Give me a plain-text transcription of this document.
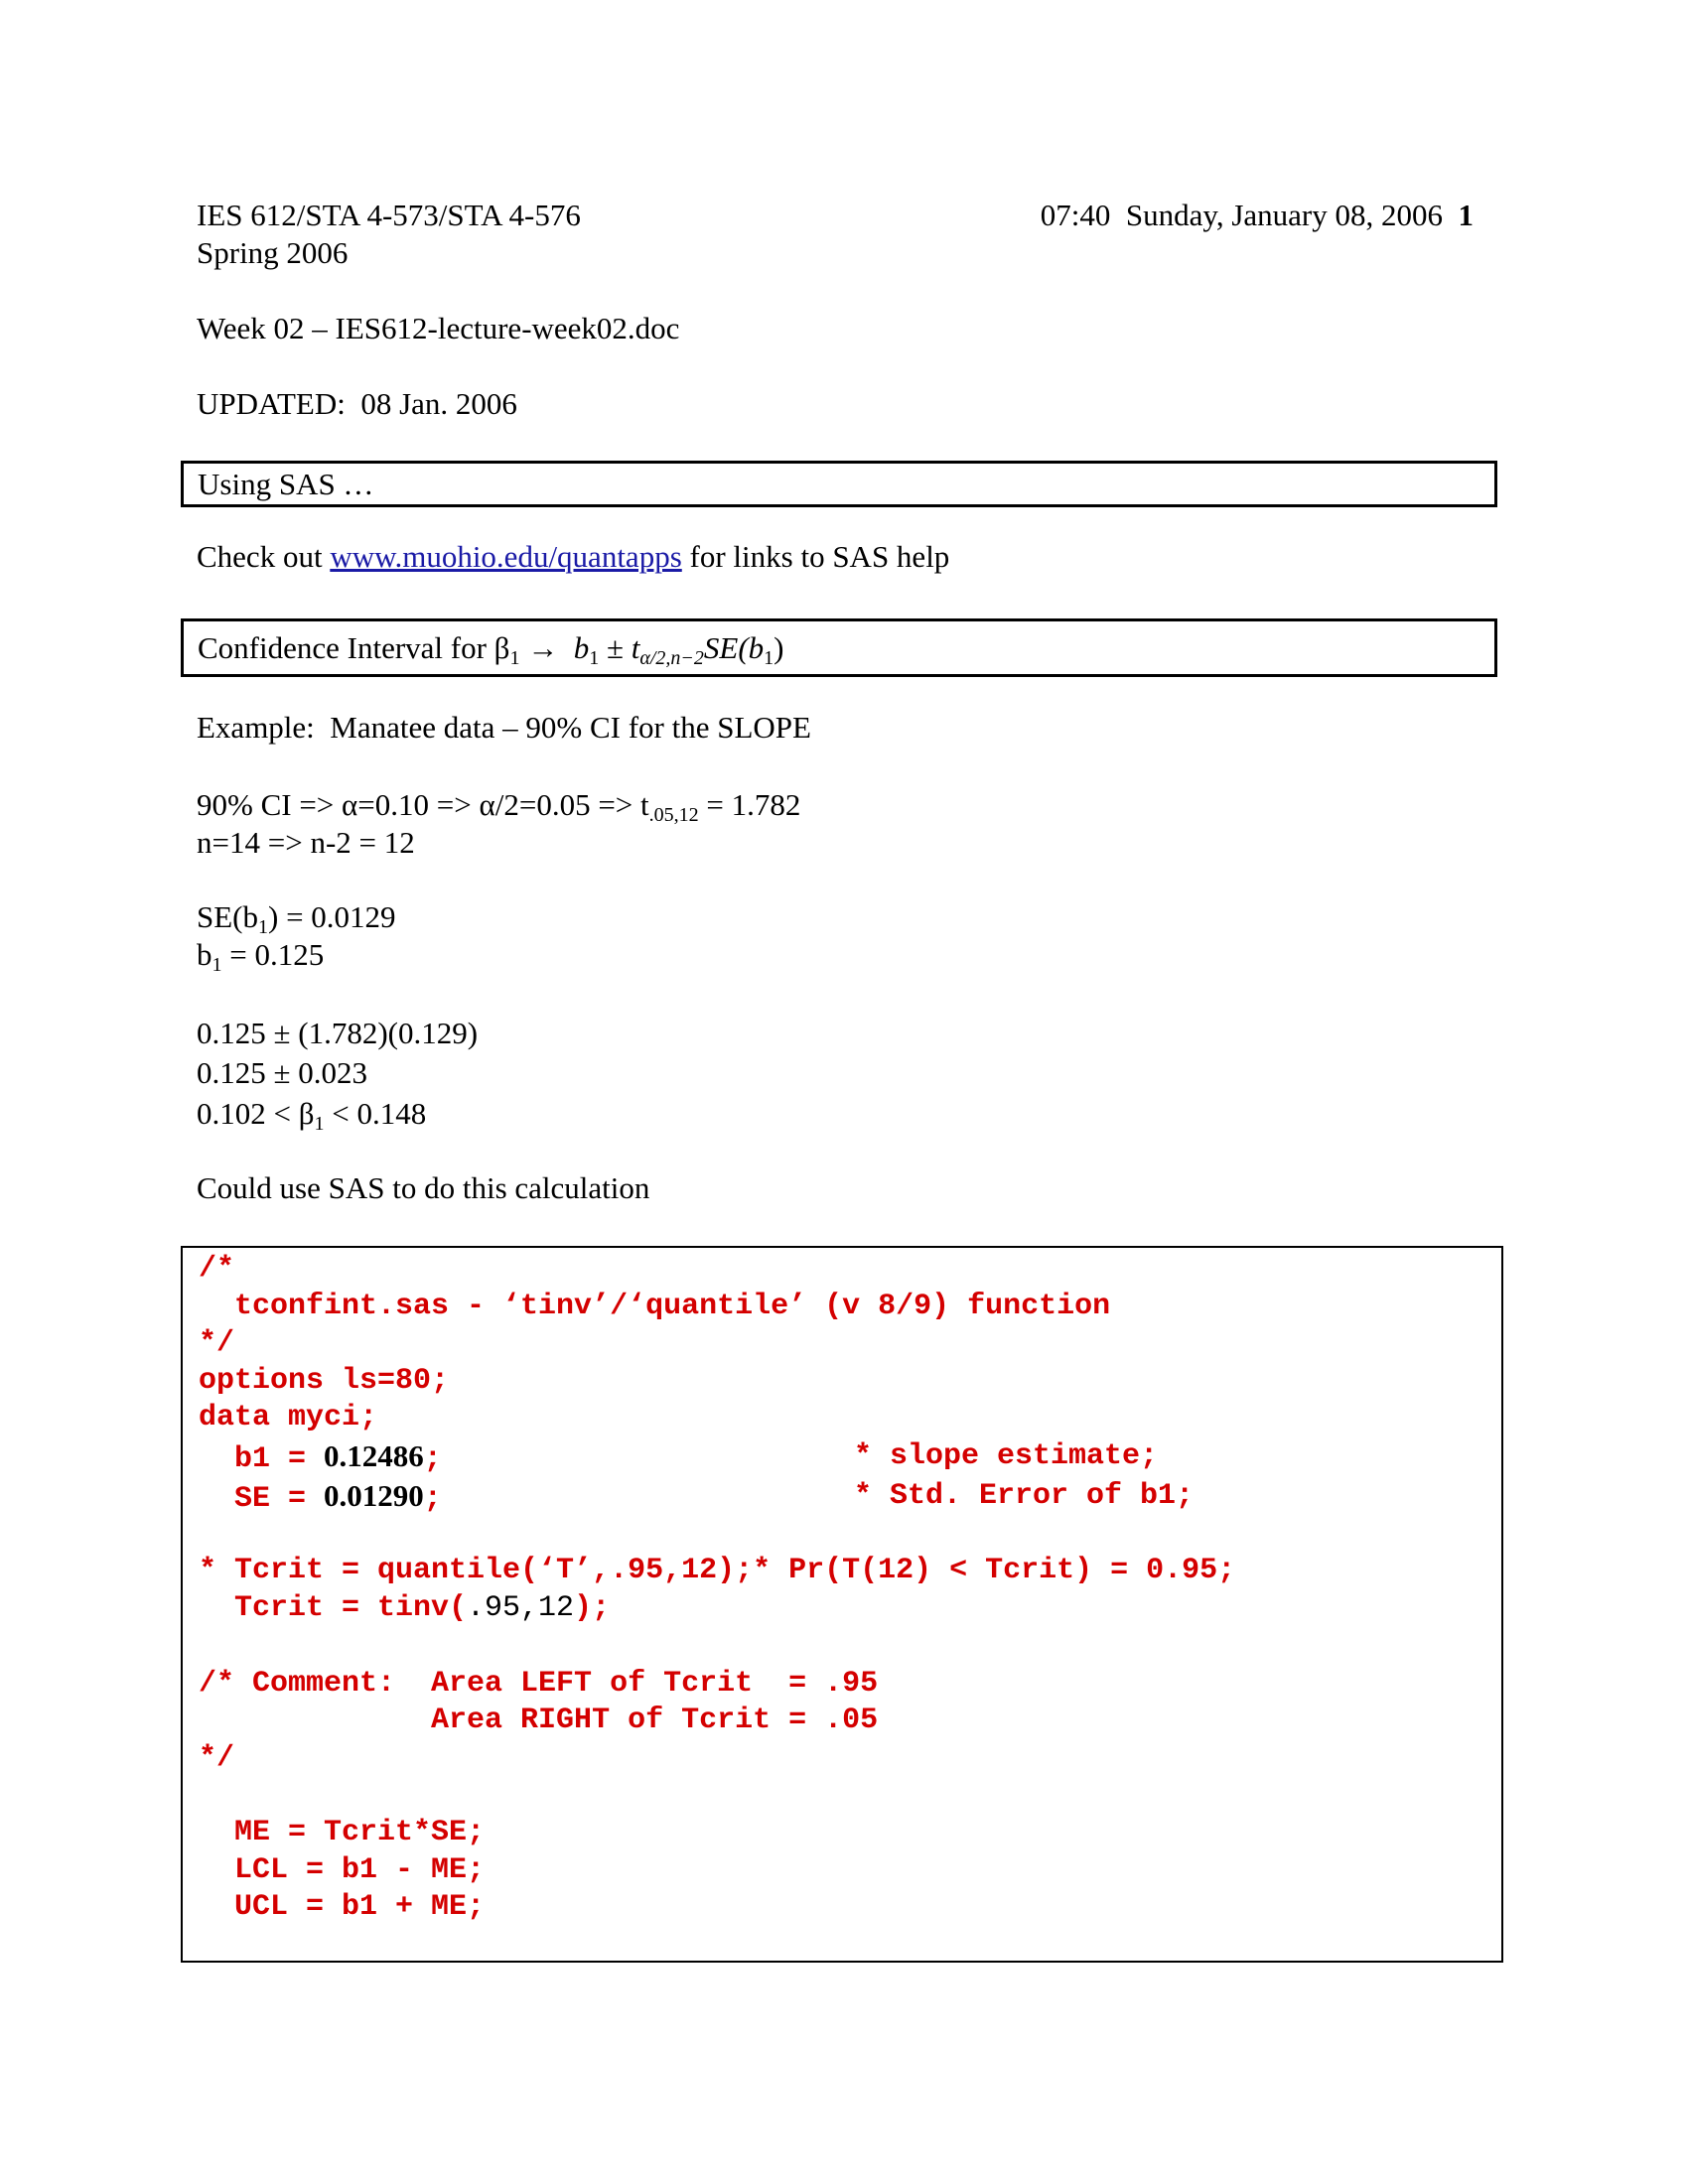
IES 612/STA 4-573/STA 4-576	07:40  Sunday, January 08, 2006 1
Spring 2006
Week 02 – IES612-lecture-week02.doc
UPDATED:  08 Jan. 2006
Using SAS …
Check out www.muohio.edu/quantapps for links to SAS help
Confidence Interval for $\beta_1 \to b_1 \pm t_{\alpha/2,n-2}SE(b_1)$
Example:  Manatee data – 90% CI for the SLOPE
90% CI => $\alpha=0.10 => \alpha/2=0.05 => t_{.05,12} = 1.782$
n=14 => n-2 = 12
$SE(b_1) = 0.0129$
$b_1 = 0.125$
0.125 ± (1.782)(0.129)
0.125 ± 0.023
$0.102 < \beta_1 < 0.148$
Could use SAS to do this calculation
/*
tconfint.sas - ‘tinv’/‘quantile’ (v 8/9) function
*/
options ls=80;
data myci;
b1 = 0.12486;	* slope estimate;
SE = 0.01290;	* Std. Error of b1;
* Tcrit = quantile(‘T’,.95,12);* Pr(T(12) < Tcrit) = 0.95;
Tcrit = tinv(.95,12);
/* Comment:  Area LEFT of Tcrit  = .95
Area RIGHT of Tcrit = .05
*/
ME = Tcrit*SE;
LCL = b1 - ME;
UCL = b1 + ME;
